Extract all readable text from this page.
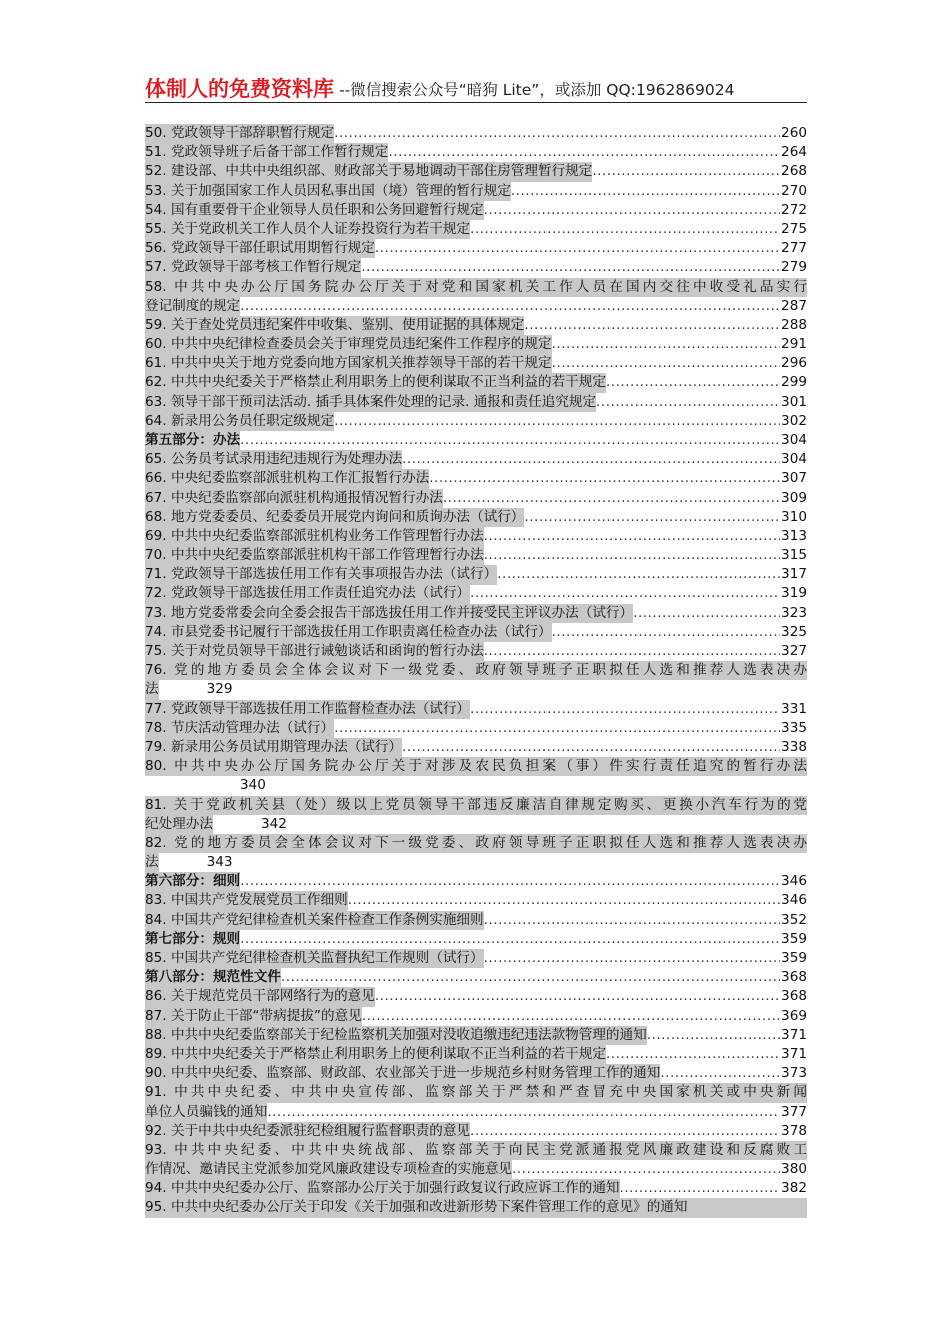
体制人的免费资料库 --微信搜索公众号“暗狗 Lite”，或添加 QQ:1962869024
50. 党政领导干部辞职暂行规定 .....	260
51. 党政领导班子后备干部工作暂行规定 .....	264
52. 建设部、中共中央组织部、财政部关于易地调动干部住房管理暂行规定 .....	268
53. 关于加强国家工作人员因私事出国（境）管理的暂行规定 .....	270
54. 国有重要骨干企业领导人员任职和公务回避暂行规定 .....	272
55. 关于党政机关工作人员个人证券投资行为若干规定 .....	275
56. 党政领导干部任职试用期暂行规定 .....	277
57. 党政领导干部考核工作暂行规定 .....	279
58. 中共中央办公厅国务院办公厅关于对党和国家机关工作人员在国内交往中收受礼品实行
登记制度的规定 .....	287
59. 关于查处党员违纪案件中收集、鉴别、使用证据的具体规定 .....	288
60. 中共中央纪律检查委员会关于审理党员违纪案件工作程序的规定 .....	291
61. 中共中央关于地方党委向地方国家机关推荐领导干部的若干规定 .....	296
62. 中共中央纪委关于严格禁止利用职务上的便利谋取不正当利益的若干规定 .....	299
63. 领导干部干预司法活动. 插手具体案件处理的记录. 通报和责任追究规定 .....	301
64. 新录用公务员任职定级规定 .....	302
第五部分：办法 .....	304
65. 公务员考试录用违纪违规行为处理办法 .....	304
66. 中央纪委监察部派驻机构工作汇报暂行办法 .....	307
67. 中央纪委监察部向派驻机构通报情况暂行办法 .....	309
68. 地方党委委员、纪委委员开展党内询问和质询办法（试行） .....	310
69. 中共中央纪委监察部派驻机构业务工作管理暂行办法 .....	313
70. 中共中央纪委监察部派驻机构干部工作管理暂行办法 .....	315
71. 党政领导干部选拔任用工作有关事项报告办法（试行） .....	317
72. 党政领导干部选拔任用工作责任追究办法（试行） .....	319
73. 地方党委常委会向全委会报告干部选拔任用工作并接受民主评议办法（试行） .....	323
74. 市县党委书记履行干部选拔任用工作职责离任检查办法（试行） .....	325
75. 关于对党员领导干部进行诫勉谈话和函询的暂行办法 .....	327
76. 党的地方委员会全体会议对下一级党委、政府领导班子正职拟任人选和推荐人选表决办
法	329
77. 党政领导干部选拔任用工作监督检查办法（试行） .....	331
78. 节庆活动管理办法（试行） .....	335
79. 新录用公务员试用期管理办法（试行） .....	338
80. 中共中央办公厅国务院办公厅关于对涉及农民负担案（事）件实行责任追究的暂行办法
340
81. 关于党政机关县（处）级以上党员领导干部违反廉洁自律规定购买、更换小汽车行为的党
纪处理办法	342
82. 党的地方委员会全体会议对下一级党委、政府领导班子正职拟任人选和推荐人选表决办
法	343
第六部分：细则 .....	346
83. 中国共产党发展党员工作细则 .....	346
84. 中国共产党纪律检查机关案件检查工作条例实施细则 .....	352
第七部分：规则 .....	359
85. 中国共产党纪律检查机关监督执纪工作规则（试行） .....	359
第八部分：规范性文件 .....	368
86. 关于规范党员干部网络行为的意见 .....	368
87. 关于防止干部“带病提拔”的意见 .....	369
88. 中共中央纪委监察部关于纪检监察机关加强对没收追缴违纪违法款物管理的通知 .....	371
89. 中共中央纪委关于严格禁止利用职务上的便利谋取不正当利益的若干规定 .....	371
90. 中共中央纪委、监察部、财政部、农业部关于进一步规范乡村财务管理工作的通知 .....	373
91. 中共中央纪委、中共中央宣传部、监察部关于严禁和严查冒充中央国家机关或中央新闻
单位人员骗钱的通知 .....	377
92. 关于中共中央纪委派驻纪检组履行监督职责的意见 .....	378
93. 中共中央纪委、中共中央统战部、监察部关于向民主党派通报党风廉政建设和反腐败工
作情况、邀请民主党派参加党风廉政建设专项检查的实施意见 .....	380
94. 中共中央纪委办公厅、监察部办公厅关于加强行政复议行政应诉工作的通知 .....	382
95. 中共中央纪委办公厅关于印发《关于加强和改进新形势下案件管理工作的意见》的通知
